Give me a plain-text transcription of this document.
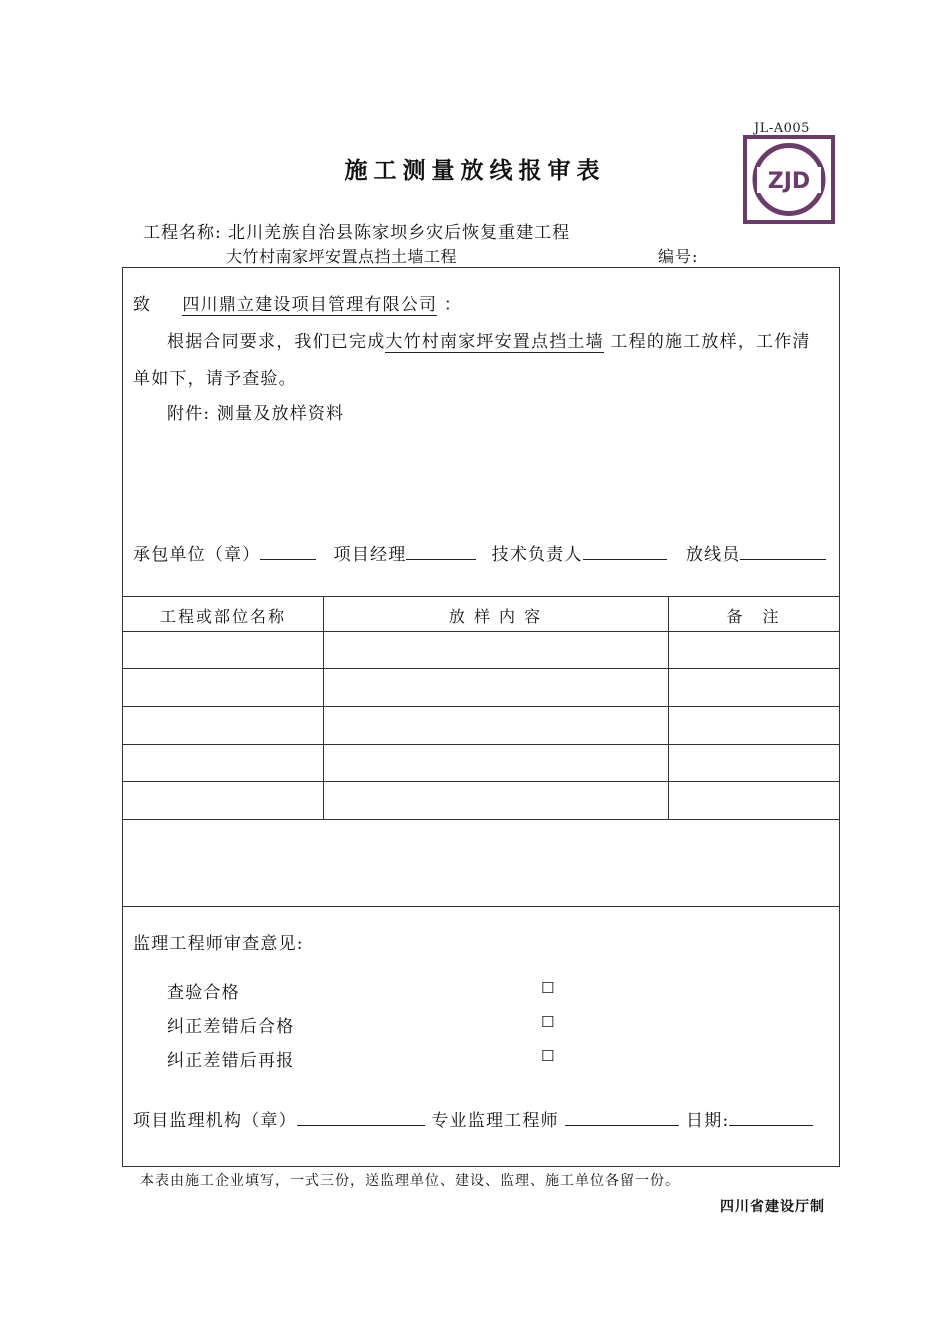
JL-A005
ZJD
施工测量放线报审表
工程名称: 北川羌族自治县陈家坝乡灾后恢复重建工程
大竹村南家坪安置点挡土墙工程	编号:
致 四川鼎立建设项目管理有限公司 ：
根据合同要求，我们已完成大竹村南家坪安置点挡土墙 工程的施工放样，工作清
单如下，请予查验。
附件: 测量及放样资料
承包单位（章）	项目经理	技术负责人	放线员
工程或部位名称	放 样 内 容	备　注
监理工程师审查意见:
查验合格	☐
纠正差错后合格	☐
纠正差错后再报	☐
项目监理机构（章）	专业监理工程师	日期:
本表由施工企业填写，一式三份，送监理单位、建设、监理、施工单位各留一份。
四川省建设厅制
